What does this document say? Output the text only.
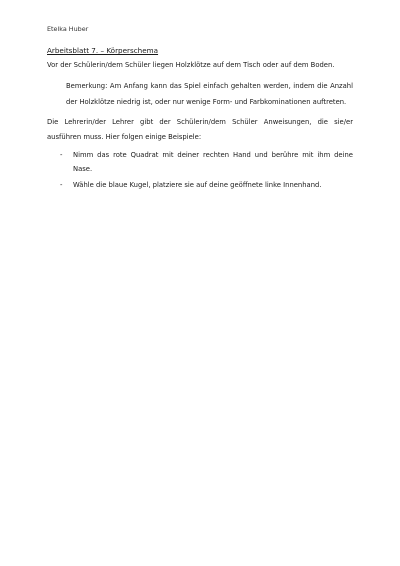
Etelka Huber
Arbeitsblatt 7. – Körperschema

Vor der Schülerin/dem Schüler liegen Holzklötze auf dem Tisch oder auf dem Boden.

Bemerkung: Am Anfang kann das Spiel einfach gehalten werden, indem die Anzahl der Holzklötze niedrig ist, oder nur wenige Form- und Farbkominationen auftreten.

Die Lehrerin/der Lehrer gibt der Schülerin/dem Schüler Anweisungen, die sie/er ausführen muss. Hier folgen einige Beispiele:

- Nimm das rote Quadrat mit deiner rechten Hand und berühre mit ihm deine Nase.
- Wähle die blaue Kugel, platziere sie auf deine geöffnete linke Innenhand.
